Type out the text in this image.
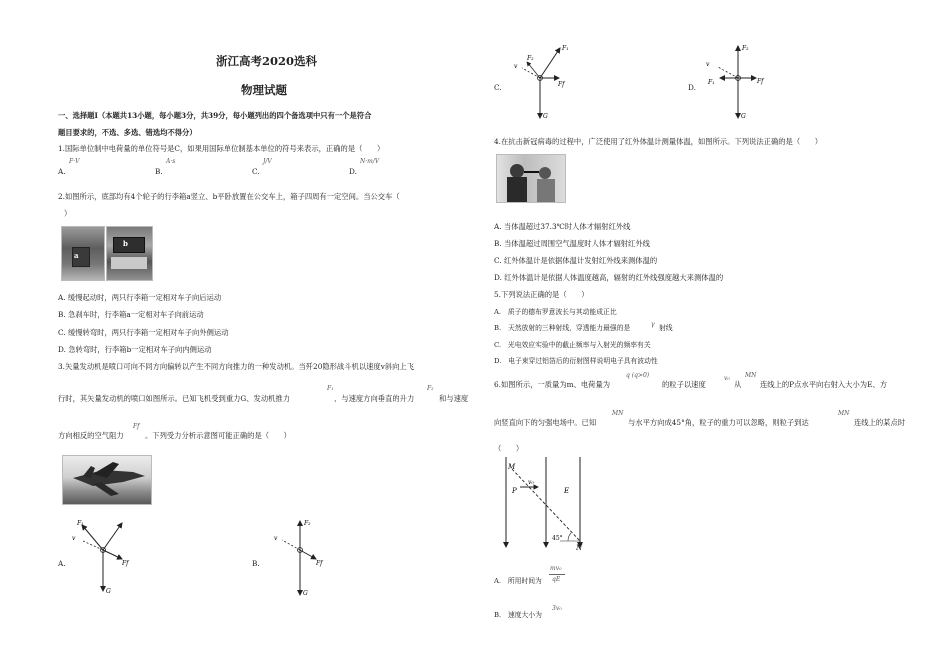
浙江高考2020选科
物理试题
一、选择题Ⅰ（本题共13小题，每小题3分，共39分，每小题列出的四个备选项中只有一个是符合
题目要求的，不选、多选、错选均不得分）
1.国际单位制中电荷量的单位符号是C，如果用国际单位制基本单位的符号来表示，正确的是（　　）
A.
F·V
B.
A·s
C.
J/V
D.
N·m/V
2.如图所示，底部均有4个轮子的行李箱a竖立、b平卧放置在公交车上，箱子四周有一定空间。当公交车（
）
a
b
A. 缓慢起动时，两只行李箱一定相对车子向后运动
B. 急刹车时，行李箱a一定相对车子向前运动
C. 缓慢转弯时，两只行李箱一定相对车子向外侧运动
D. 急转弯时，行李箱b一定相对车子向内侧运动
3.矢量发动机是喷口可向不同方向偏转以产生不同方向推力的一种发动机。当歼20隐形战斗机以速度v斜向上飞
行时，其矢量发动机的喷口如图所示。已知飞机受到重力G、发动机推力
F₁
、与速度方向垂直的升力
F₂
和与速度
方向相反的空气阻力
Ff
。下列受力分析示意图可能正确的是（　　）
F₁
v
Ff
G
A.
F₂
v
Ff
G
B.
F₁
v
F₂
Ff
G
C.
F₂
v
F₁	Ff
G
D.
4.在抗击新冠病毒的过程中，广泛使用了红外体温计测量体温，如图所示。下列说法正确的是（　　）
A. 当体温超过37.3℃时人体才辐射红外线
B. 当体温超过周围空气温度时人体才辐射红外线
C. 红外体温计是依据体温计发射红外线来测体温的
D. 红外体温计是依据人体温度越高，辐射的红外线强度越大来测体温的
5.下列说法正确的是（　　）
A.　质子的德布罗意波长与其动能成正比
B.　天然放射的三种射线，穿透能力最强的是	γ 射线
C.　光电效应实验中的截止频率与入射光的频率有关
D.　电子束穿过铝箔后的衍射图样说明电子具有波动性
6.如图所示，一质量为m、电荷量为
q (q>0)
的粒子以速度
v₀
从
MN
连线上的P点水平向右射入大小为E、方
向竖直向下的匀强电场中。已知
MN
与水平方向成45°角，粒子的重力可以忽略，则粒子到达
MN
连线上的某点时
（　　）
M
P
v₀
E
45°
N
A.　所用时间为
mv₀
qE
B.　速度大小为
3v₀
